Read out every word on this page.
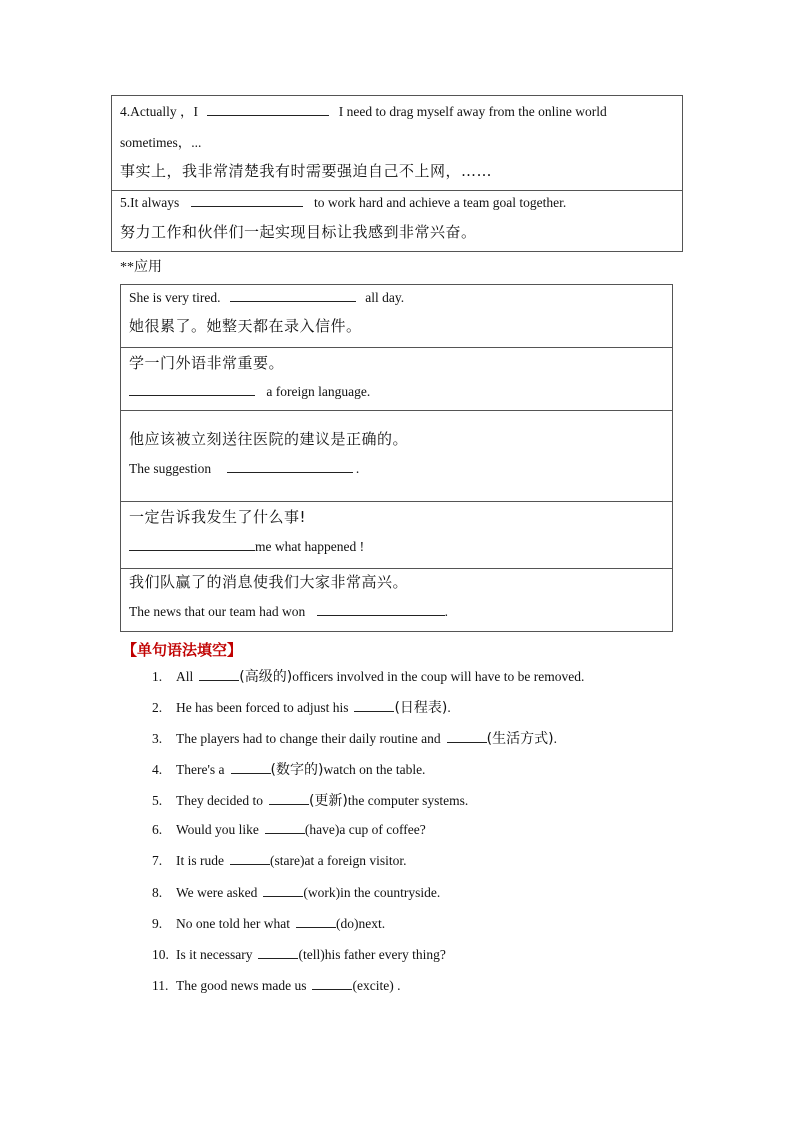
4.Actually ，I	I need to drag myself away from the online world
sometimes，...
事实上，我非常清楚我有时需要强迫自己不上网，……
5.It always	to work hard and achieve a team goal together.
努力工作和伙伴们一起实现目标让我感到非常兴奋。
**应用
She is very tired.	all day.
她很累了。她整天都在录入信件。
学一门外语非常重要。
a foreign language.
他应该被立刻送往医院的建议是正确的。
The suggestion	.
一定告诉我发生了什么事!
me what happened !
我们队赢了的消息使我们大家非常高兴。
The news that our team had won	.
【单句语法填空】
1. All	(高级的)officers involved in the coup will have to be removed.
2. He has been forced to adjust his	(日程表).
3. The players had to change their daily routine and	(生活方式).
4. There's a	(数字的)watch on the table.
5. They decided to	(更新)the computer systems.
6. Would you like	(have)a cup of coffee?
7. It is rude	(stare)at a foreign visitor.
8. We were asked	(work)in the countryside.
9. No one told her what	(do)next.
10. Is it necessary	(tell)his father every thing?
11. The good news made us	(excite) .
